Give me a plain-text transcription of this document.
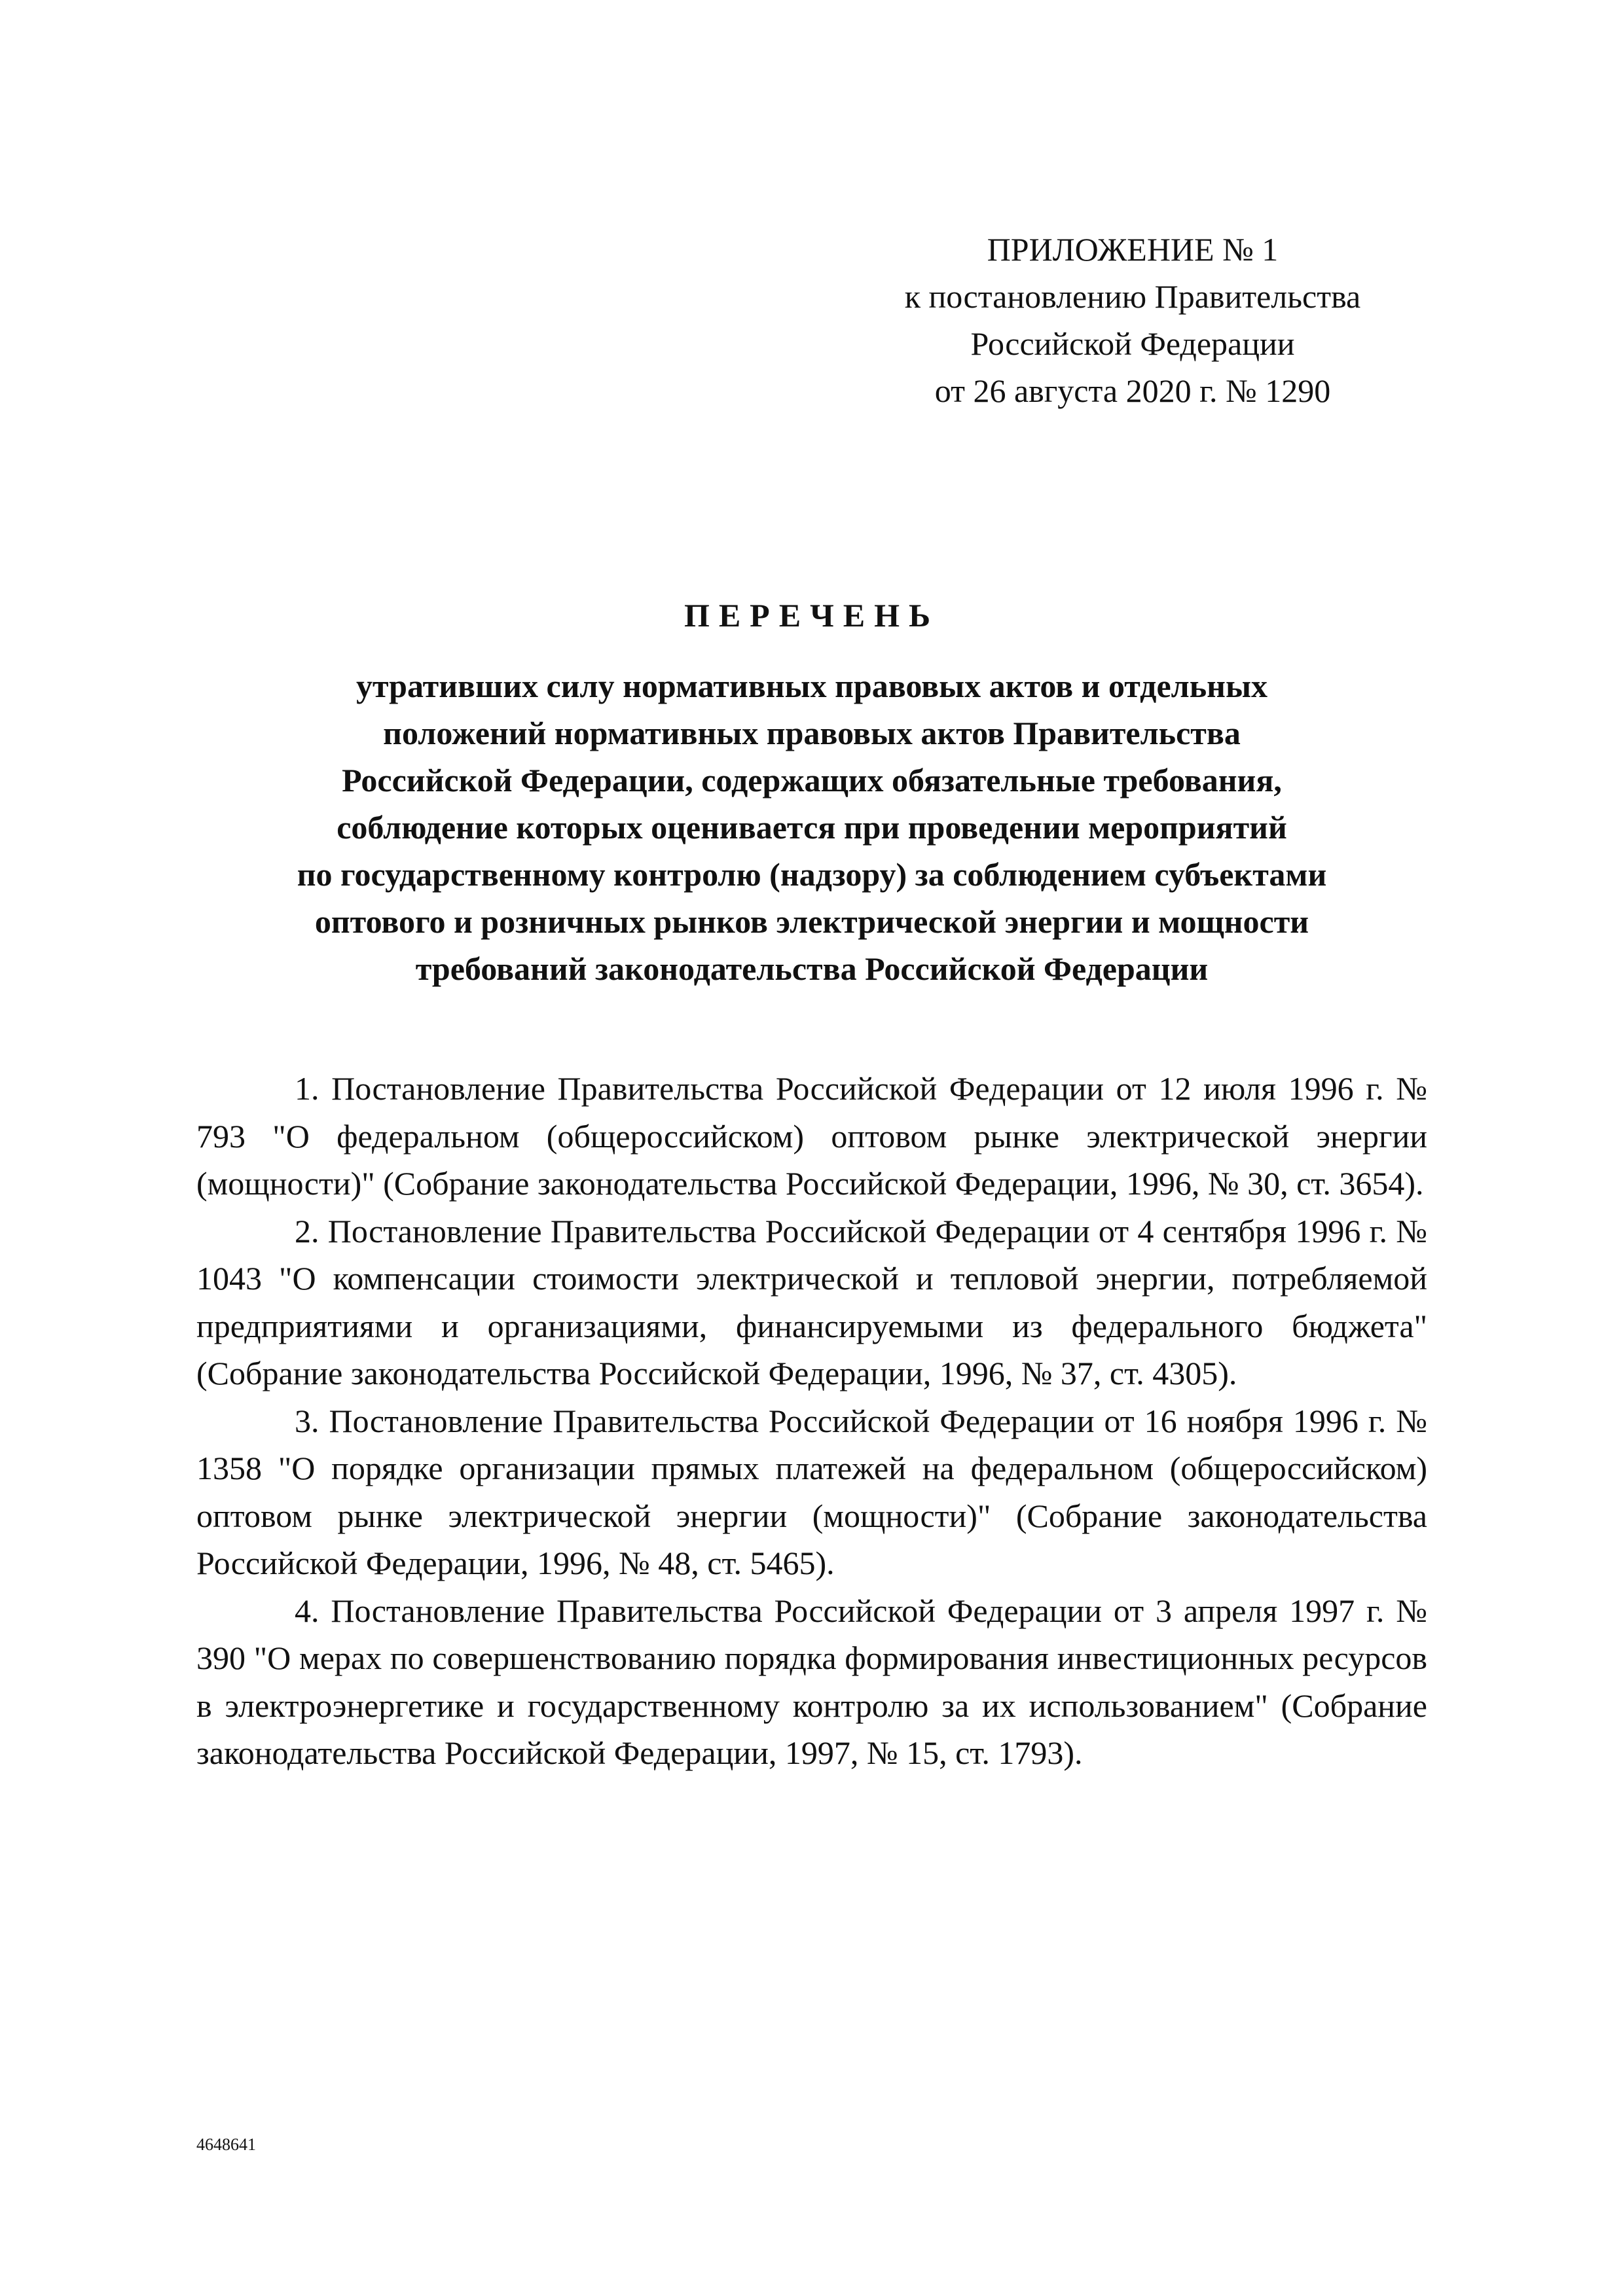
ПРИЛОЖЕНИЕ № 1
к постановлению Правительства
Российской Федерации
от 26 августа 2020 г. № 1290
ПЕРЕЧЕНЬ
утративших силу нормативных правовых актов и отдельных
положений нормативных правовых актов Правительства
Российской Федерации, содержащих обязательные требования,
соблюдение которых оценивается при проведении мероприятий
по государственному контролю (надзору) за соблюдением субъектами
оптового и розничных рынков электрической энергии и мощности
требований законодательства Российской Федерации

1. Постановление Правительства Российской Федерации от 12 июля 1996 г. № 793 "О федеральном (общероссийском) оптовом рынке электрической энергии (мощности)" (Собрание законодательства Российской Федерации, 1996, № 30, ст. 3654).

2. Постановление Правительства Российской Федерации от 4 сентября 1996 г. № 1043 "О компенсации стоимости электрической и тепловой энергии, потребляемой предприятиями и организациями, финансируемыми из федерального бюджета" (Собрание законодательства Российской Федерации, 1996, № 37, ст. 4305).

3. Постановление Правительства Российской Федерации от 16 ноября 1996 г. № 1358 "О порядке организации прямых платежей на федеральном (общероссийском) оптовом рынке электрической энергии (мощности)" (Собрание законодательства Российской Федерации, 1996, № 48, ст. 5465).

4. Постановление Правительства Российской Федерации от 3 апреля 1997 г. № 390 "О мерах по совершенствованию порядка формирования инвестиционных ресурсов в электроэнергетике и государственному контролю за их использованием" (Собрание законодательства Российской Федерации, 1997, № 15, ст. 1793).

4648641
